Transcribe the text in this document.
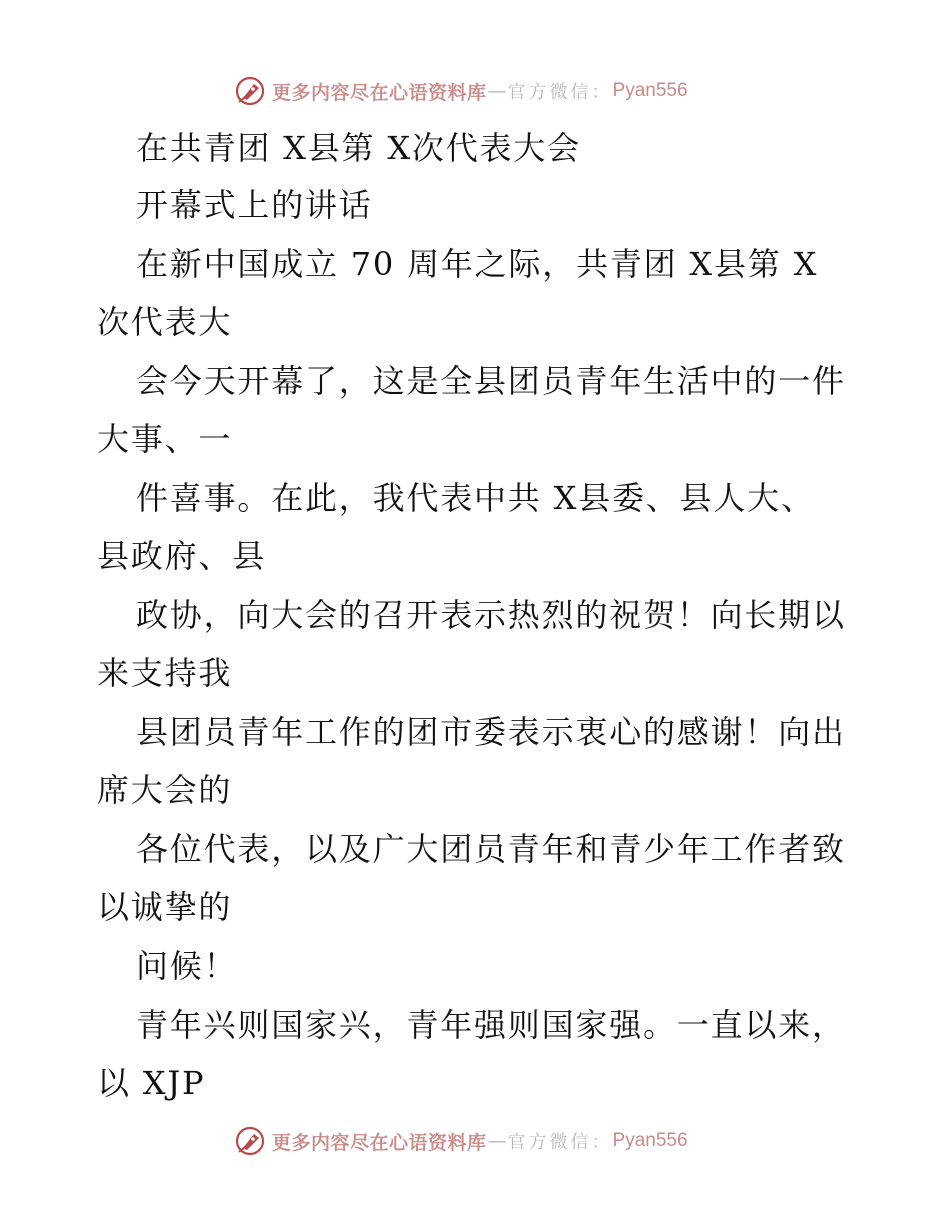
更多内容尽在心语资料库 — 官方微信： Pyan556
在共青团 X县第 X次代表大会
开幕式上的讲话
在新中国成立 70 周年之际，共青团 X县第 X
次代表大
会今天开幕了，这是全县团员青年生活中的一件
大事、一
件喜事。在此，我代表中共 X县委、县人大、
县政府、县
政协，向大会的召开表示热烈的祝贺！向长期以
来支持我
县团员青年工作的团市委表示衷心的感谢！向出
席大会的
各位代表，以及广大团员青年和青少年工作者致
以诚挚的
问候！
青年兴则国家兴，青年强则国家强。一直以来，
以 XJP
更多内容尽在心语资料库 — 官方微信： Pyan556
